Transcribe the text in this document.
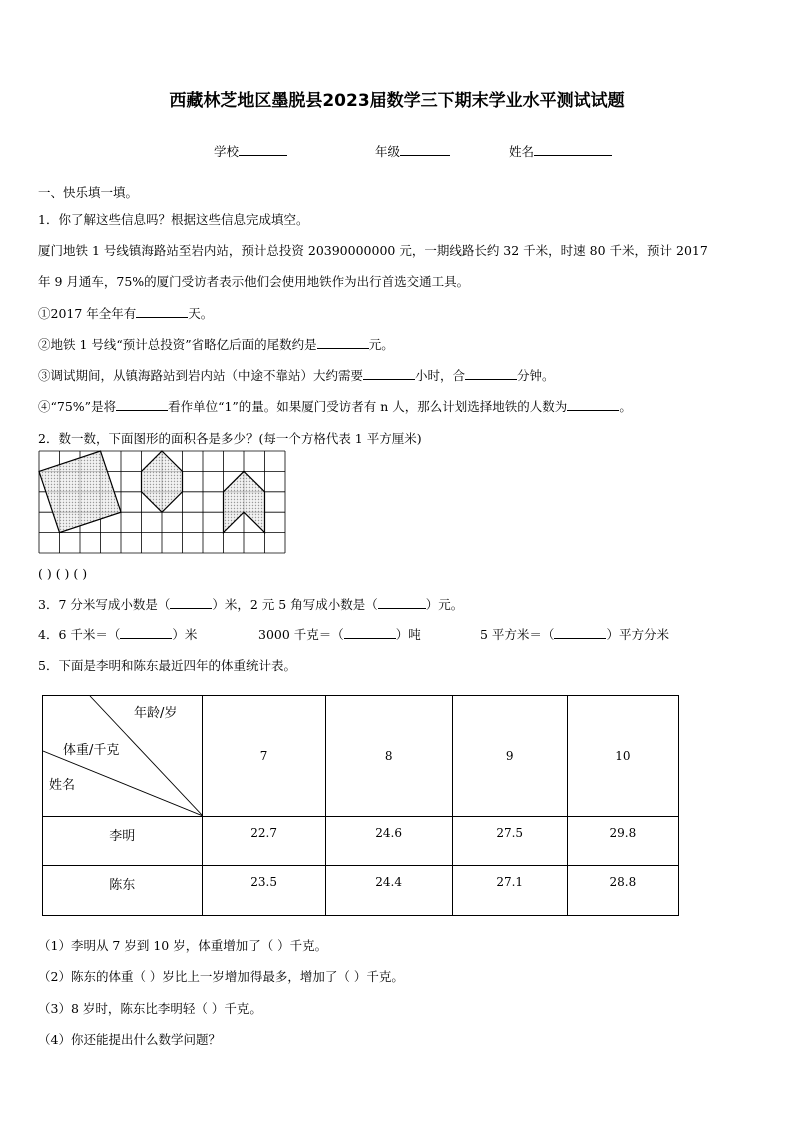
西藏林芝地区墨脱县2023届数学三下期末学业水平测试试题
学校	年级	姓名
一、快乐填一填。
1．你了解这些信息吗？根据这些信息完成填空。
厦门地铁 1 号线镇海路站至岩内站，预计总投资 20390000000 元，一期线路长约 32 千米，时速 80 千米，预计 2017
年 9 月通车，75%的厦门受访者表示他们会使用地铁作为出行首选交通工具。
①2017 年全年有	天。
②地铁 1 号线“预计总投资”省略亿后面的尾数约是	元。
③调试期间，从镇海路站到岩内站（中途不靠站）大约需要	小时，合	分钟。
④“75%”是将	看作单位“1”的量。如果厦门受访者有 n 人，那么计划选择地铁的人数为	。
2．数一数，下面图形的面积各是多少？(每一个方格代表 1 平方厘米)
( ) ( ) ( )
3．7 分米写成小数是（	）米，2 元 5 角写成小数是（	）元。
4．6 千米＝（	）米	3000 千克＝（	）吨	5 平方米＝（	）平方分米
5．下面是李明和陈东最近四年的体重统计表。
年龄/岁
体重/千克
姓名	7	8	9	10
李明	22.7	24.6	27.5	29.8
陈东	23.5	24.4	27.1	28.8
（1）李明从 7 岁到 10 岁，体重增加了（ ）千克。
（2）陈东的体重（ ）岁比上一岁增加得最多，增加了（ ）千克。
（3）8 岁时，陈东比李明轻（ ）千克。
（4）你还能提出什么数学问题？
